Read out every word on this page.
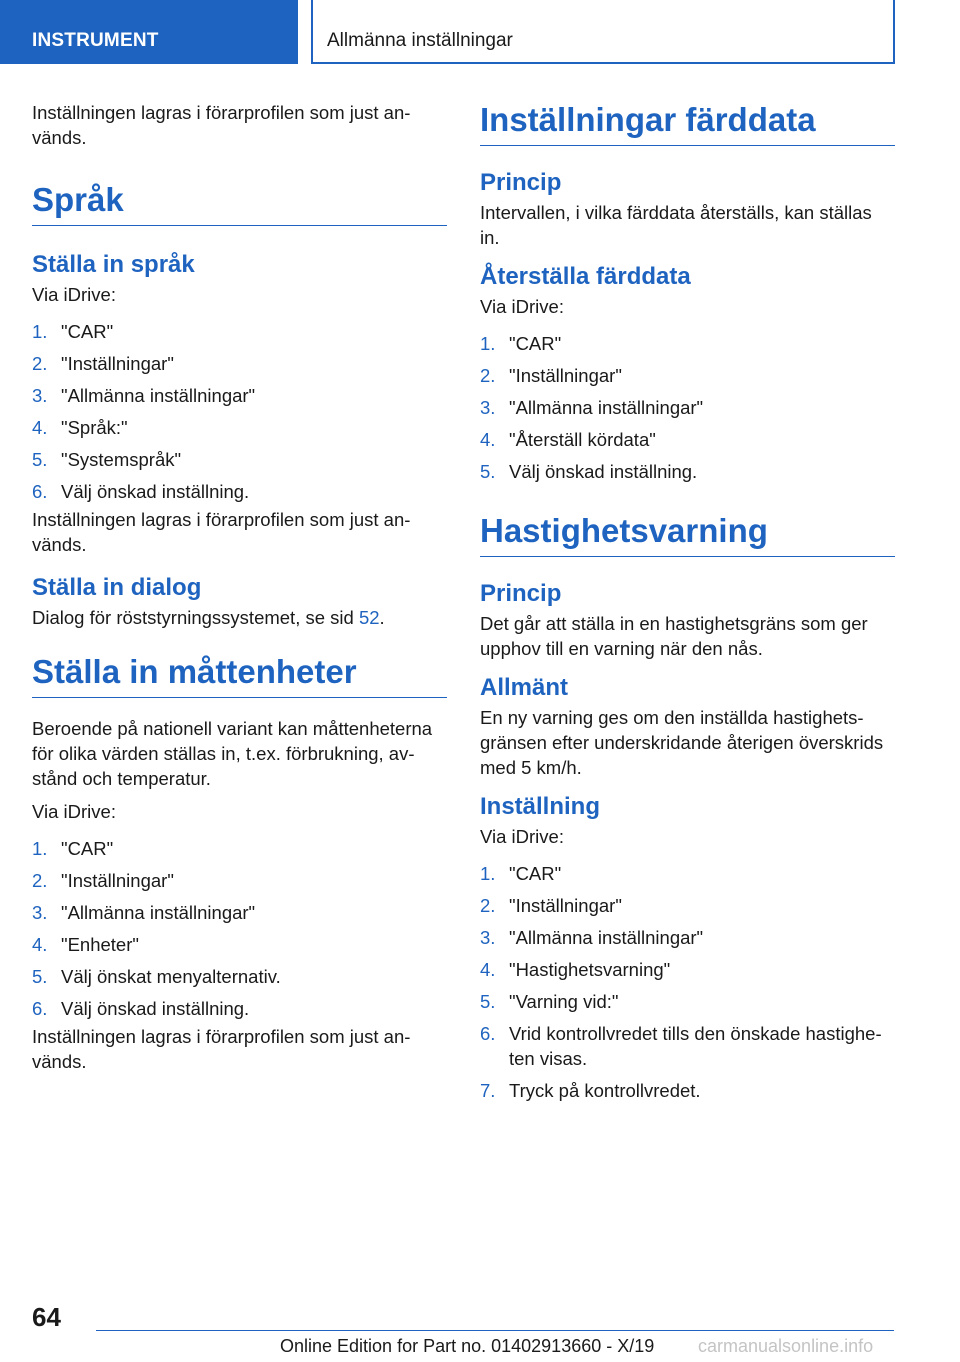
INSTRUMENT	Allmänna inställningar

Inställningen lagras i förarprofilen som just an- vänds.

Språk
Ställa in språk

Via iDrive:

1. "CAR"
2. "Inställningar"
3. "Allmänna inställningar"
4. "Språk:"
5. "Systemspråk"
6. Välj önskad inställning.

Inställningen lagras i förarprofilen som just an- vänds.

Ställa in dialog

Dialog för röststyrningssystemet, se sid 52.

Ställa in måttenheter

Beroende på nationell variant kan måttenheterna för olika värden ställas in, t.ex. förbrukning, av- stånd och temperatur.

Via iDrive:

1. "CAR"
2. "Inställningar"
3. "Allmänna inställningar"
4. "Enheter"
5. Välj önskat menyalternativ.
6. Välj önskad inställning.

Inställningen lagras i förarprofilen som just an- vänds.

Inställningar färddata
Princip

Intervallen, i vilka färddata återställs, kan ställas in.

Återställa färddata

Via iDrive:

1. "CAR"
2. "Inställningar"
3. "Allmänna inställningar"
4. "Återställ kördata"
5. Välj önskad inställning.
Hastighetsvarning
Princip

Det går att ställa in en hastighetsgräns som ger upphov till en varning när den nås.

Allmänt

En ny varning ges om den inställda hastighets- gränsen efter underskridande återigen överskrids med 5 km/h.

Inställning

Via iDrive:

1. "CAR"
2. "Inställningar"
3. "Allmänna inställningar"
4. "Hastighetsvarning"
5. "Varning vid:"
6. Vrid kontrollvredet tills den önskade hastighe- ten visas.
7. Tryck på kontrollvredet.
64
Online Edition for Part no. 01402913660 - X/19 carmanualsonline.info
